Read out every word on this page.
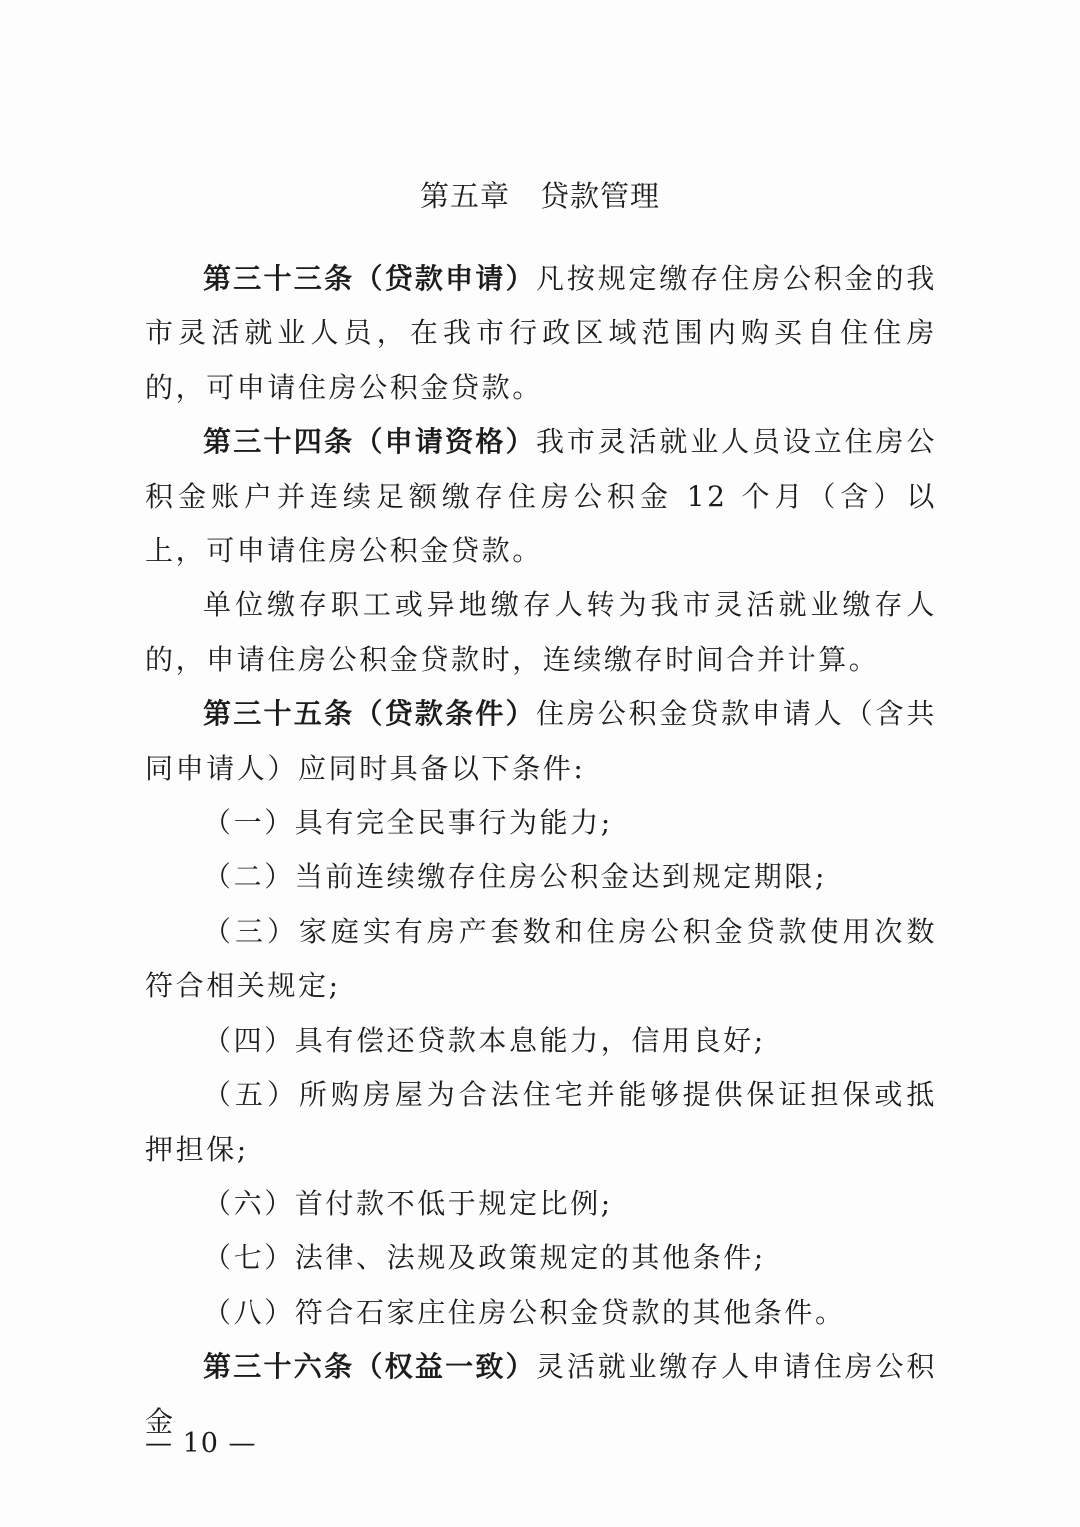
第五章 贷款管理

第三十三条（贷款申请）凡按规定缴存住房公积金的我市灵活就业人员，在我市行政区域范围内购买自住住房的，可申请住房公积金贷款。

第三十四条（申请资格）我市灵活就业人员设立住房公积金账户并连续足额缴存住房公积金 12 个月（含）以上，可申请住房公积金贷款。

单位缴存职工或异地缴存人转为我市灵活就业缴存人的，申请住房公积金贷款时，连续缴存时间合并计算。

第三十五条（贷款条件）住房公积金贷款申请人（含共同申请人）应同时具备以下条件:

（一）具有完全民事行为能力;

（二）当前连续缴存住房公积金达到规定期限;

（三）家庭实有房产套数和住房公积金贷款使用次数符合相关规定;

（四）具有偿还贷款本息能力，信用良好;

（五）所购房屋为合法住宅并能够提供保证担保或抵押担保;

（六）首付款不低于规定比例;

（七）法律、法规及政策规定的其他条件;

（八）符合石家庄住房公积金贷款的其他条件。

第三十六条（权益一致）灵活就业缴存人申请住房公积金

— 10 —
